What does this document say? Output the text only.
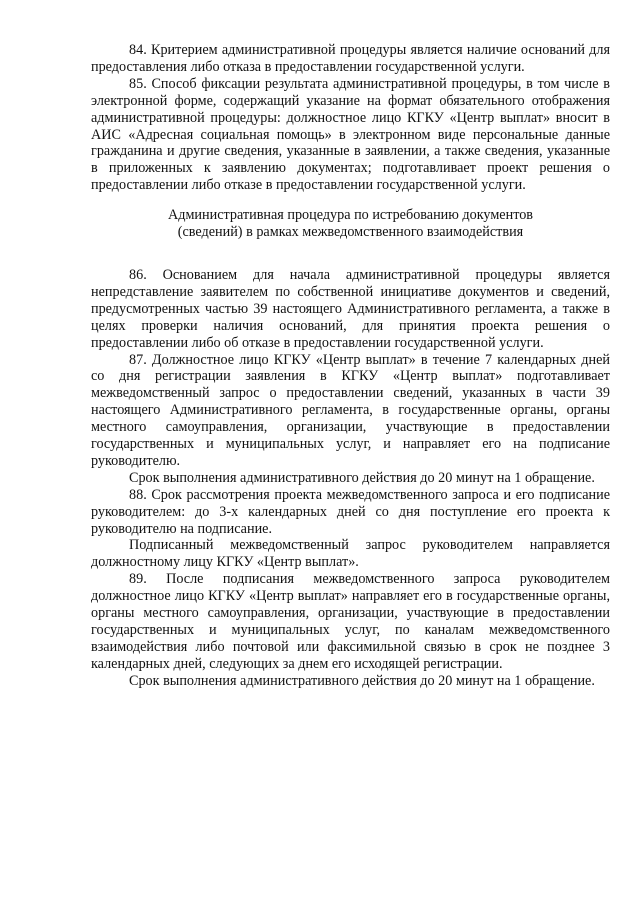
84. Критерием административной процедуры является наличие оснований для предоставления либо отказа в предоставлении государственной услуги.

85. Способ фиксации результата административной процедуры, в том числе в электронной форме, содержащий указание на формат обязательного отображения административной процедуры: должностное лицо КГКУ «Центр выплат» вносит в АИС «Адресная социальная помощь» в электронном виде персональные данные гражданина и другие сведения, указанные в заявлении, а также сведения, указанные в приложенных к заявлению документах; подготавливает проект решения о предоставлении либо отказе в предоставлении государственной услуги.

Административная процедура по истребованию документов
(сведений) в рамках межведомственного взаимодействия

86. Основанием для начала административной процедуры является непредставление заявителем по собственной инициативе документов и сведений, предусмотренных частью 39 настоящего Административного регламента, а также в целях проверки наличия оснований, для принятия проекта решения о предоставлении либо об отказе в предоставлении государственной услуги.

87. Должностное лицо КГКУ «Центр выплат» в течение 7 календарных дней со дня регистрации заявления в КГКУ «Центр выплат» подготавливает межведомственный запрос о предоставлении сведений, указанных в части 39 настоящего Административного регламента, в государственные органы, органы местного самоуправления, организации, участвующие в предоставлении государственных и муниципальных услуг, и направляет его на подписание руководителю.

Срок выполнения административного действия до 20 минут на 1 обращение.

88. Срок рассмотрения проекта межведомственного запроса и его подписание руководителем: до 3-х календарных дней со дня поступление его проекта к руководителю на подписание.

Подписанный межведомственный запрос руководителем направляется должностному лицу КГКУ «Центр выплат».

89. После подписания межведомственного запроса руководителем должностное лицо КГКУ «Центр выплат» направляет его в государственные органы, органы местного самоуправления, организации, участвующие в предоставлении государственных и муниципальных услуг, по каналам межведомственного взаимодействия либо почтовой или факсимильной связью в срок не позднее 3 календарных дней, следующих за днем его исходящей регистрации.

Срок выполнения административного действия до 20 минут на 1 обращение.
